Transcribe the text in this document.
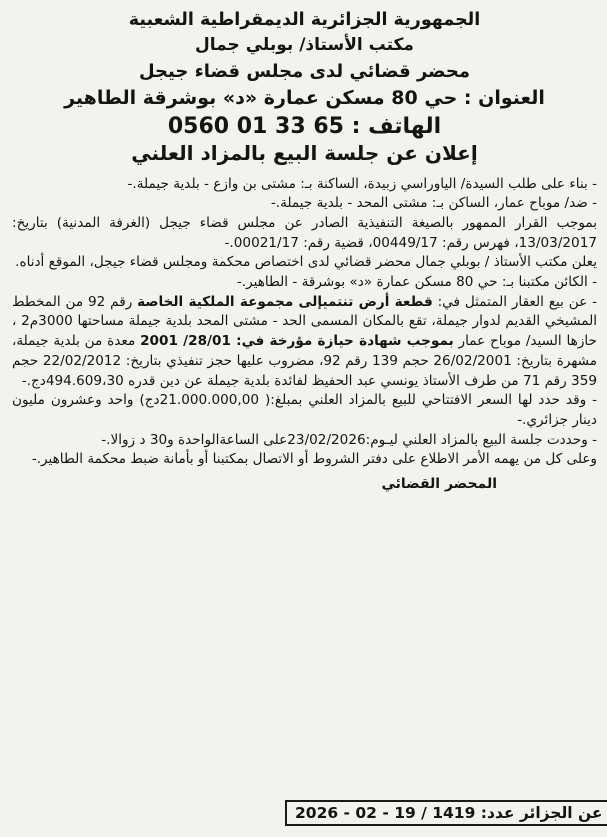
الجمهورية الجزائرية الديمقراطية الشعبية
مكتب الأستاذ/ بوبلي جمال
محضر قضائي لدى مجلس قضاء جيجل
العنوان : حي 80 مسكن عمارة «د» بوشرقة الطاهير
الهاتف : 65 33 01 0560
إعلان عن جلسة البيع بالمزاد العلني

- بناء على طلب السيدة/ الياوراسي زبيدة، الساكنة بـ: مشتى بن وازع - بلدية جيملة.-

- ضد/ موباح عمار، الساكن بـ: مشتى المحد - بلدية جيملة.-

بموجب القرار الممهور بالصيغة التنفيذية الصادر عن مجلس قضاء جيجل (الغرفة المدنية) بتاريخ: 13/03/2017، فهرس رقم: 00449/17، قضية رقم: 00021/17.-

يعلن مكتب الأستاذ / بوبلي جمال محضر قضائي لدى اختصاص محكمة ومجلس قضاء جيجل، الموقع أدناه.

- الكائن مكتبنا بـ: حي 80 مسكن عمارة «د» بوشرقة - الطاهير.-

- عن بيع العقار المتمثل في: قطعة أرض تنتميإلى مجموعة الملكية الخاصة رقم 92 من المخطط المشيخي القديم لدوار جيملة، تقع بالمكان المسمى الحد - مشتى المحد بلدية جيملة مساحتها 3000م2 ، حازها السيد/ موباح عمار بموجب شهادة حيازة مؤرخة في: 28/01/ 2001 معدة من بلدية جيملة، مشهرة بتاريخ: 26/02/2001 حجم 139 رقم 92، مضروب عليها حجز تنفيذي بتاريخ: 22/02/2012 حجم 359 رقم 71 من طرف الأستاذ يونسي عبد الحفيظ لفائدة بلدية جيملة عن دين قدره 494.609،30دج.-

- وقد حدد لها السعر الافتتاحي للبيع بالمزاد العلني بمبلغ:( 21.000.000,00دج) واحد وعشرون مليون دينار جزائري.-

- وحددت جلسة البيع بالمزاد العلني ليـوم:23/02/2026على الساعةالواحدة و30 د زوالا.-

وعلى كل من يهمه الأمر الاطلاع على دفتر الشروط أو الاتصال بمكتبنا أو بأمانة ضبط محكمة الطاهير.-

المحضر القضائي
عن الجزائر عدد: 1419 / 19 - 02 - 2026
